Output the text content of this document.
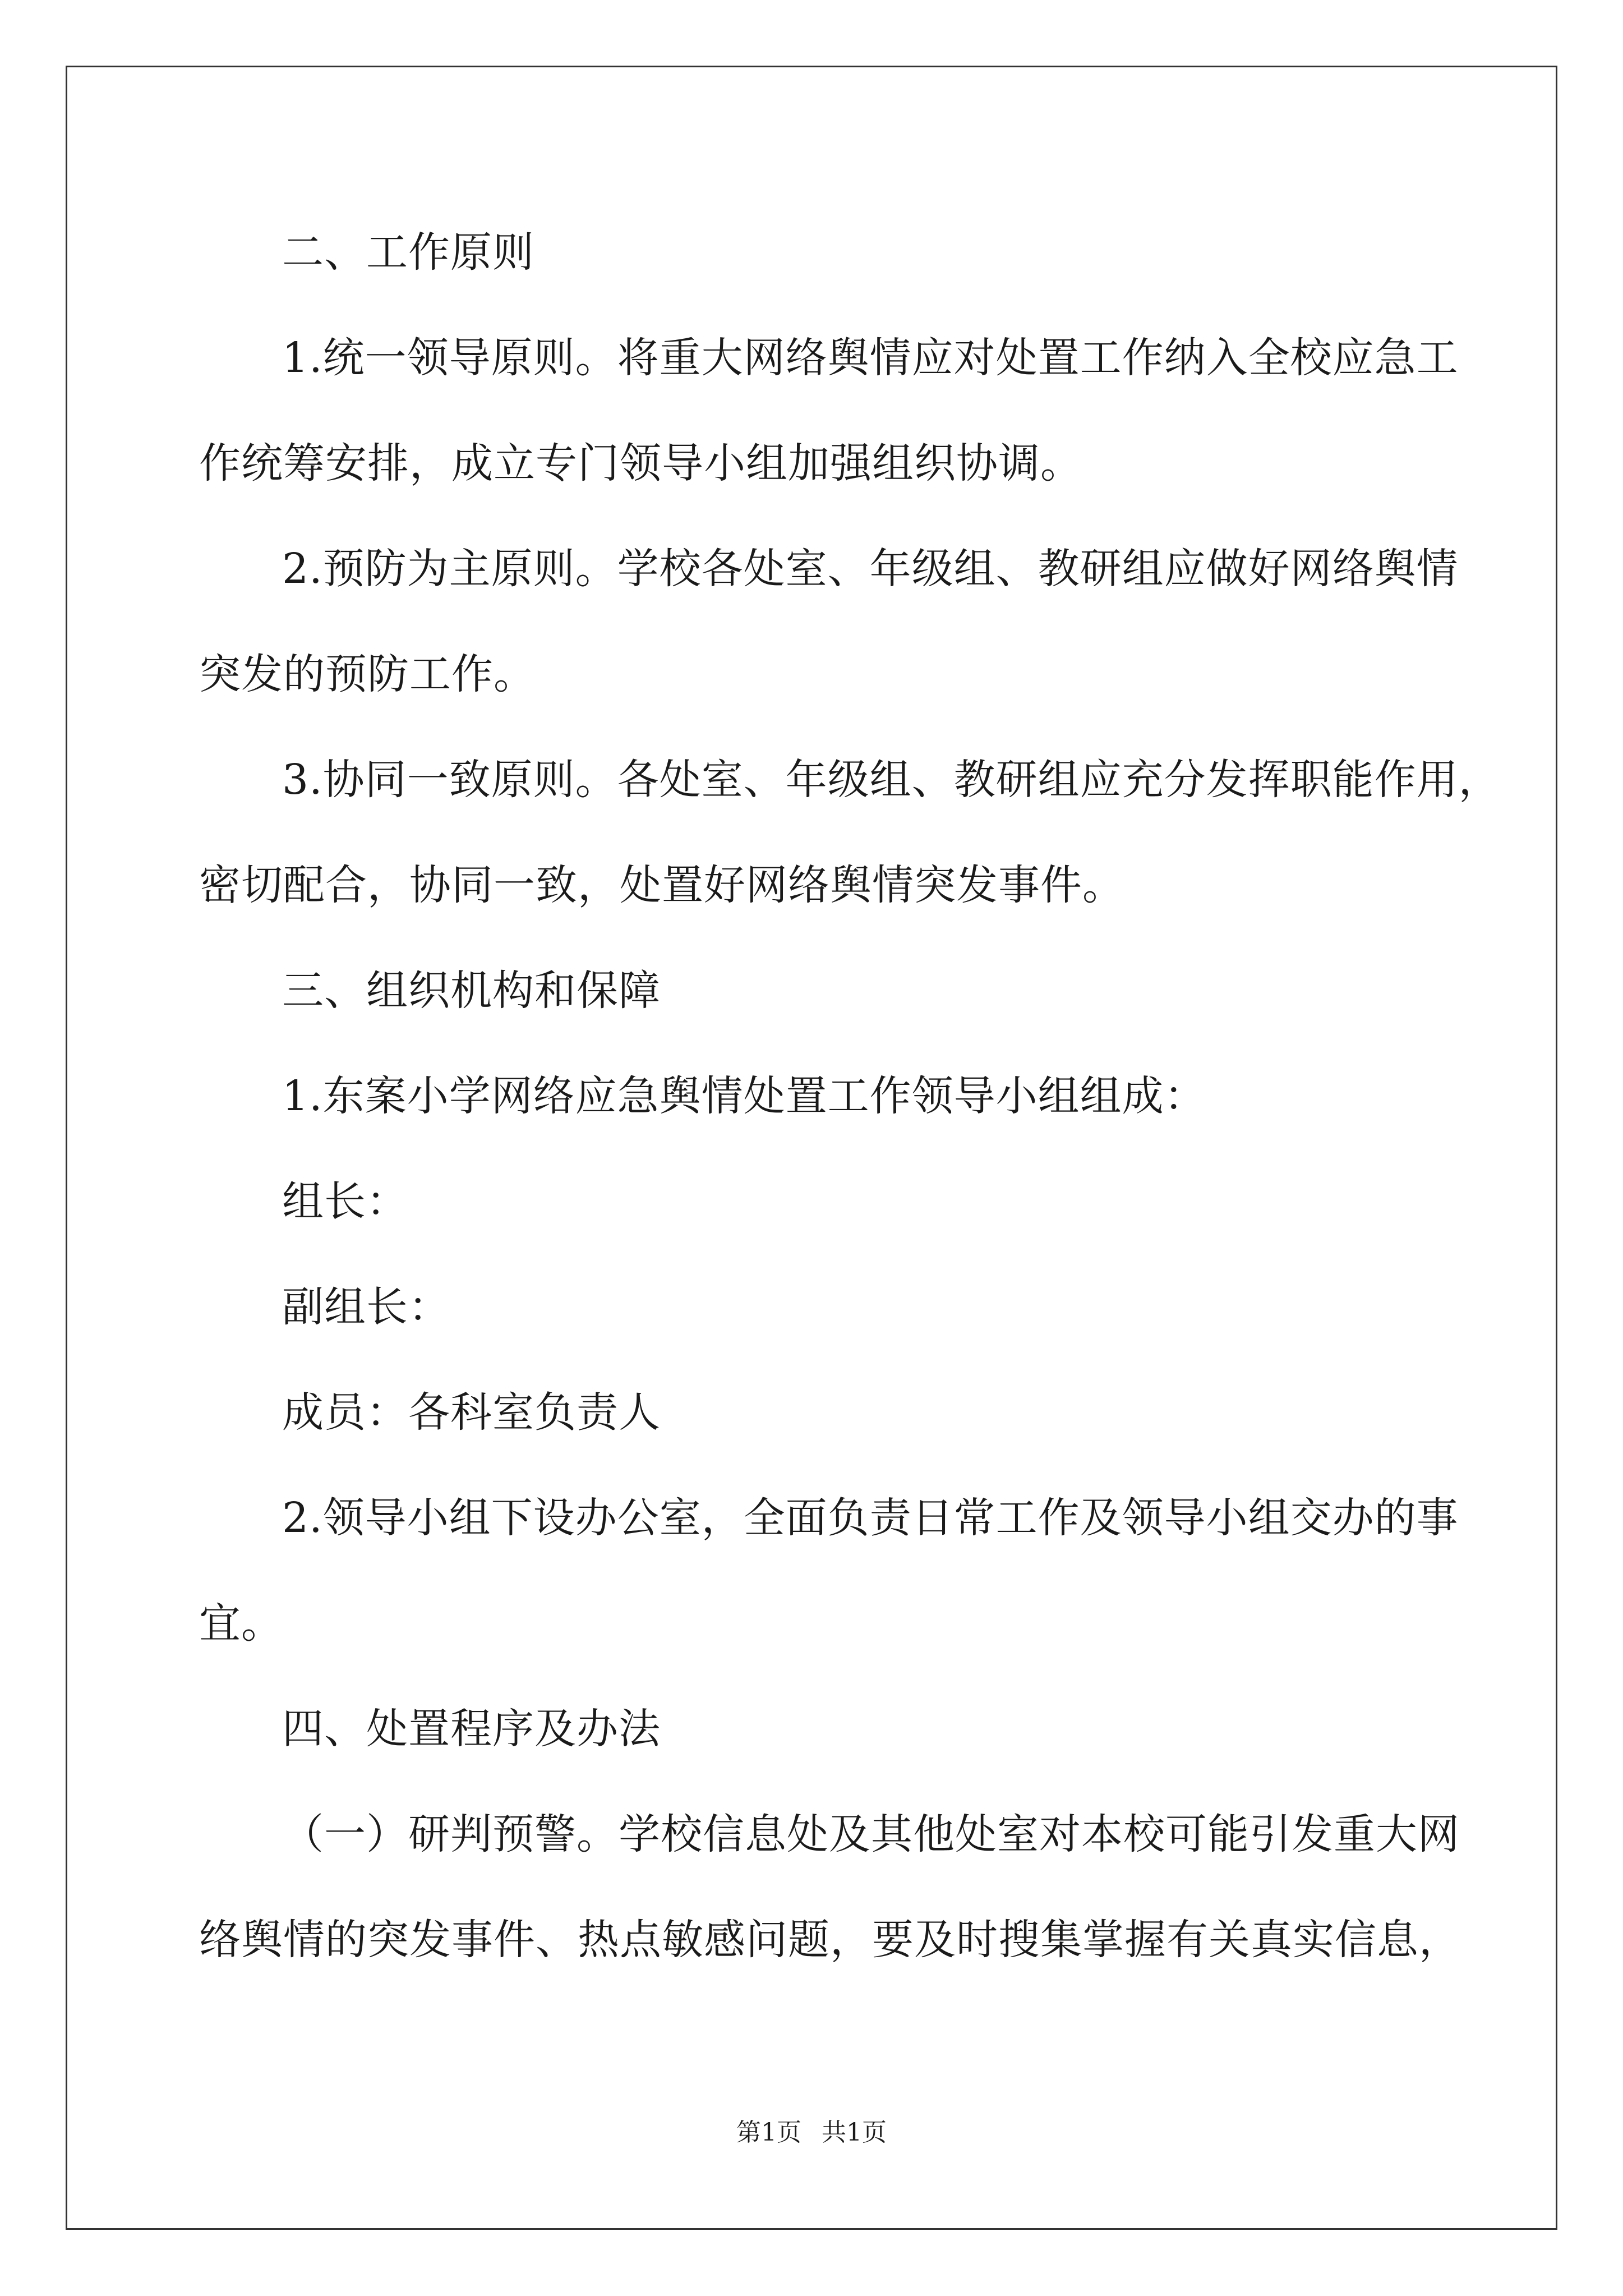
二、工作原则
1.统一领导原则。将重大网络舆情应对处置工作纳入全校应急工
作统筹安排，成立专门领导小组加强组织协调。
2.预防为主原则。学校各处室、年级组、教研组应做好网络舆情
突发的预防工作。
3.协同一致原则。各处室、年级组、教研组应充分发挥职能作用，
密切配合，协同一致，处置好网络舆情突发事件。
三、组织机构和保障
1.东案小学网络应急舆情处置工作领导小组组成：
组长：
副组长：
成员：各科室负责人
2.领导小组下设办公室，全面负责日常工作及领导小组交办的事
宜。
四、处置程序及办法
（一）研判预警。学校信息处及其他处室对本校可能引发重大网
络舆情的突发事件、热点敏感问题，要及时搜集掌握有关真实信息，
第1页 共1页
